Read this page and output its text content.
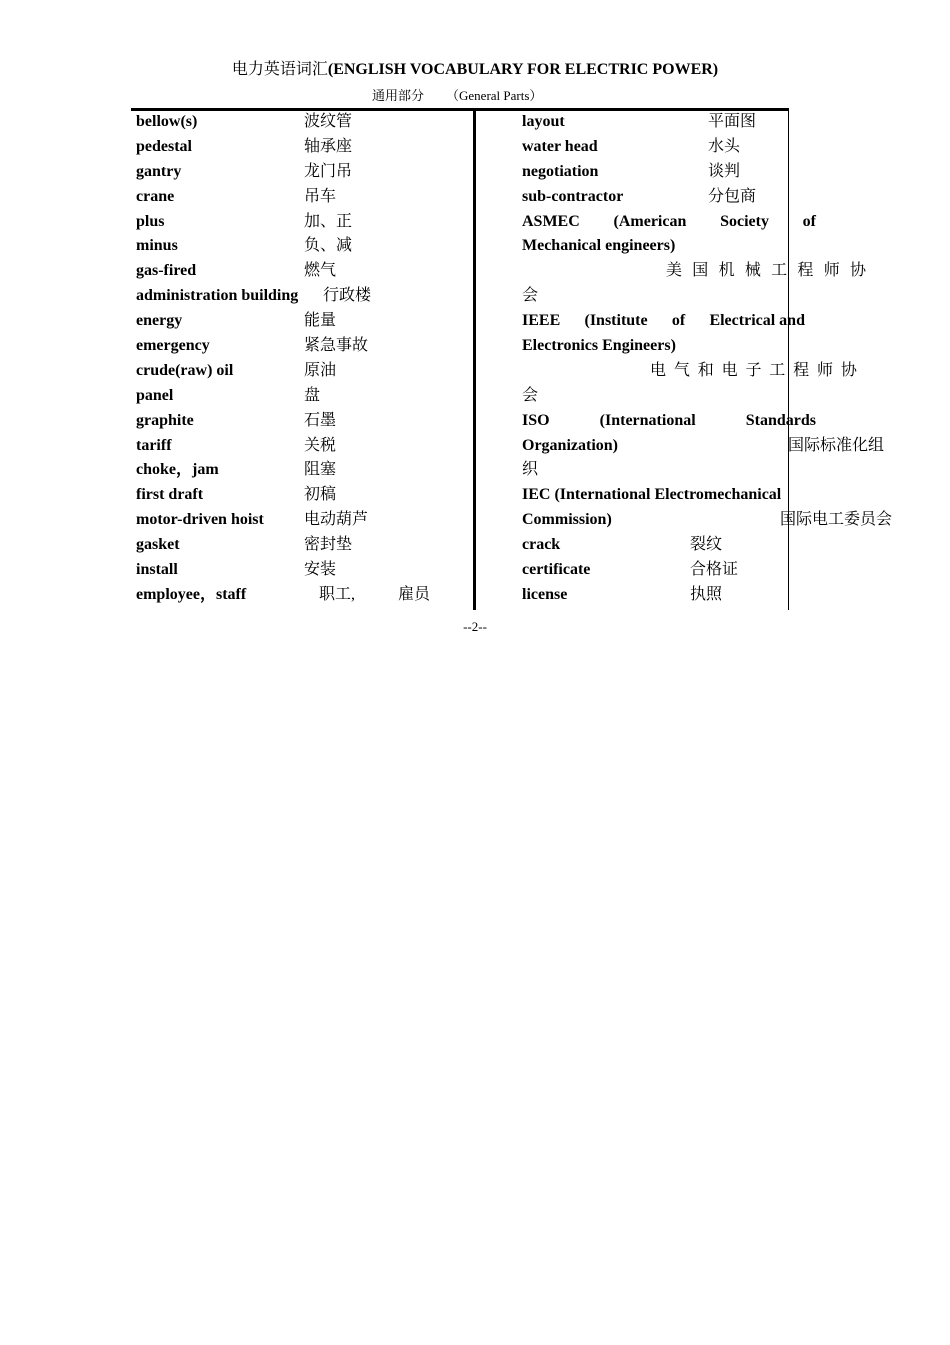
电力英语词汇(ENGLISH VOCABULARY FOR ELECTRIC POWER)
通用部分 （General Parts）
bellow(s)	波纹管
pedestal	轴承座
gantry	龙门吊
crane	吊车
plus	加、正
minus	负、减
gas-fired	燃气
administration building 行政楼
energy	能量
emergency	紧急事故
crude(raw) oil	原油
panel	盘
graphite	石墨
tariff	关税
choke，jam	阻塞
first draft	初稿
motor-driven hoist	电动葫芦
gasket	密封垫
install	安装
employee，staff	职工,	雇员
layout	平面图
water head	水头
negotiation	谈判
sub-contractor	分包商
ASMEC (American Society of
Mechanical engineers)
美 国 机 械 工 程 师 协
会
IEEE (Institute of Electrical and
Electronics Engineers)
电 气 和 电 子 工 程 师 协
会
ISO	(International	Standards
Organization)	国际标准化组
织
IEC (International Electromechanical
Commission)	国际电工委员会
crack	裂纹
certificate	合格证
license	执照
--2--
